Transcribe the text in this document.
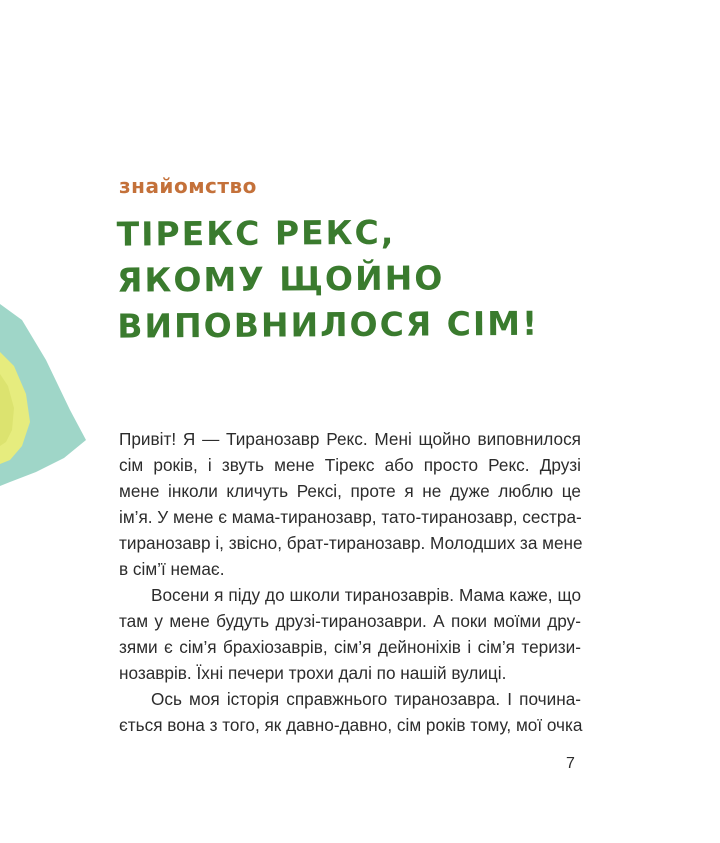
знайомство
ТІРЕКС РЕКС,
ЯКОМУ ЩОЙНО
ВИПОВНИЛОСЯ СІМ!
Привіт! Я — Тиранозавр Рекс. Мені щойно виповнилося
сім років, і звуть мене Тірекс або просто Рекс. Друзі
мене інколи кличуть Рексі, проте я не дуже люблю це
ім’я. У мене є мама-тиранозавр, тато-тиранозавр, сестра-
тиранозавр і, звісно, брат-тиранозавр. Молодших за мене
в сім’ї немає.
Восени я піду до школи тиранозаврів. Мама каже, що
там у мене будуть друзі-тиранозаври. А поки моїми дру-
зями є сім’я брахіозаврів, сім’я дейноніхів і сім’я теризи-
нозаврів. Їхні печери трохи далі по нашій вулиці.
Ось моя історія справжнього тиранозавра. І почина-
ється вона з того, як давно-давно, сім років тому, мої очка
7
